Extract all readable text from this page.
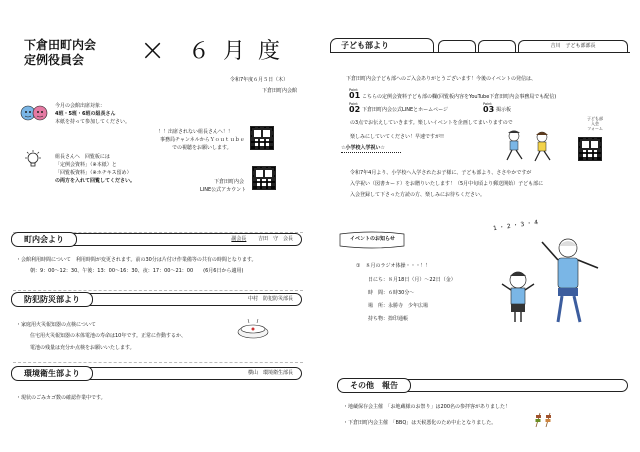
下倉田町内会
定例役員会 × ６ 月 度
令和7年度６月５日（木）
下倉田町内会館
今月の会館出席対象：
4班・5班・6班の組長さん
本紙を持って参加してください。
！！出席されない組長さんへ！！
事務局チャンネルからＹｏｕｔｕｂｅ
での視聴をお願いします。
組長さんへ　回覧板には
「定例会資料」（※本紙）と
「回覧板資料」（※ホチキス留め）
の両方を入れて回覧してください。	下倉田町内会
LINE公式アカウント
町内会より	副会長 吉田　守　会長
・会館利用時間について　利用時間が変更されます。前の30分は片付け作業備等の共有の時間となります。
朝：9：00〜12：30、午後：13：00〜16：30、夜：17：00〜21：00　　(6月6日から適用)
防犯防災部より	中村　防犯防災部長
・家庭用火災報知器の点検について
住宅用火災報知器の本体電池の寿命は10年です。正常に作動するか、
電池の残量は充分か点検をお願いいたします。
環境衛生部より	横山　環境衛生部長
・現状のごみカゴ数の確認作業中です。
子ども部より	吉川　子ども部部長
下倉田町内会子ども部へのご入会ありがとうございます！今後のイベントの発信は、
Point
01 こちらの定例会資料子ども部の欄(回覧板内容をYouTube下倉田町内会事務局でも配信)
Point
02 下倉田町内会公式LINEとホームページ
Point
03 掲示板
の3点でお伝えしていきます。楽しいイベントを企画してまいりますので
楽しみにしていてください！早速ですが!!
子ども部
入会
フォーム
☆小学校入学祝い☆
令和7年4月より、小学校へ入学されたお子様に、子ども部より、ささやかですが
入学祝い（図書カード）をお贈りいたします！（5月中旬頃より郵送開始）子ども部に
入会登録して下さった方読の方、楽しみにお待ちください。
イベントのお知らせ
1・2・3・4
①　８月のラジオ体操・・・！！
日にち：８月18日（月）〜22日（金）
時　間：６時30分〜
場　所：永勝寺　少年広場
持ち物：捺印通帳
その他　報告
・地蔵保存会主催　「お地蔵様のお祭り」は200名の参拝客がありました！
・下倉田町内会主催　「BBQ」は天候悪化のため中止となりました。
